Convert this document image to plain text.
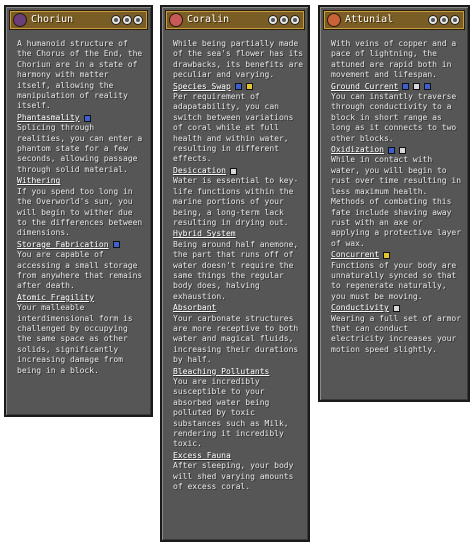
Choriun
A humanoid structure of the Chorus of the End, the Choriun are in a state of harmony with matter itself, allowing the manipulation of reality itself.
Phantasmality
Splicing through realities, you can enter a phantom state for a few seconds, allowing passage through solid material.
Withering
If you spend too long in the Overworld's sun, you will begin to wither due to the differences between dimensions.
Storage Fabrication
You are capable of accessing a small storage from anywhere that remains after death.
Atomic Fragility
Your malleable interdimensional form is challenged by occupying the same space as other solids, significantly increasing damage from being in a block.
Coralin
While being partially made of the sea's flower has its drawbacks, its benefits are peculiar and varying.
Species Swap
Per requirement of adapatability, you can switch between variations of coral while at full health and within water, resulting in different effects.
Desiccation
Water is essential to key-life functions within the marine portions of your being, a long-term lack resulting in drying out.
Hybrid System
Being around half anemone, the part that runs off of water doesn't require the same things the regular body does, halving exhaustion.
Absorbant
Your carbonate structures are more receptive to both water and magical fluids, increasing their durations by half.
Bleaching Pollutants
You are incredibly susceptible to your absorbed water being polluted by toxic substances such as Milk, rendering it incredibly toxic.
Excess Fauna
After sleeping, your body will shed varying amounts of excess coral.
Attunial
With veins of copper and a pace of lightning, the attuned are rapid both in movement and lifespan.
Ground Current
You can instantly traverse through conductivity to a block in short range as long as it connects to two other blocks.
Oxidization
While in contact with water, you will begin to rust over time resulting in less maximum health. Methods of combating this fate include shaving away rust with an axe or applying a protective layer of wax.
Concurrent
Functions of your body are unnaturally synced so that to regenerate naturally, you must be moving.
Conductivity
Wearing a full set of armor that can conduct electricity increases your motion speed slightly.
